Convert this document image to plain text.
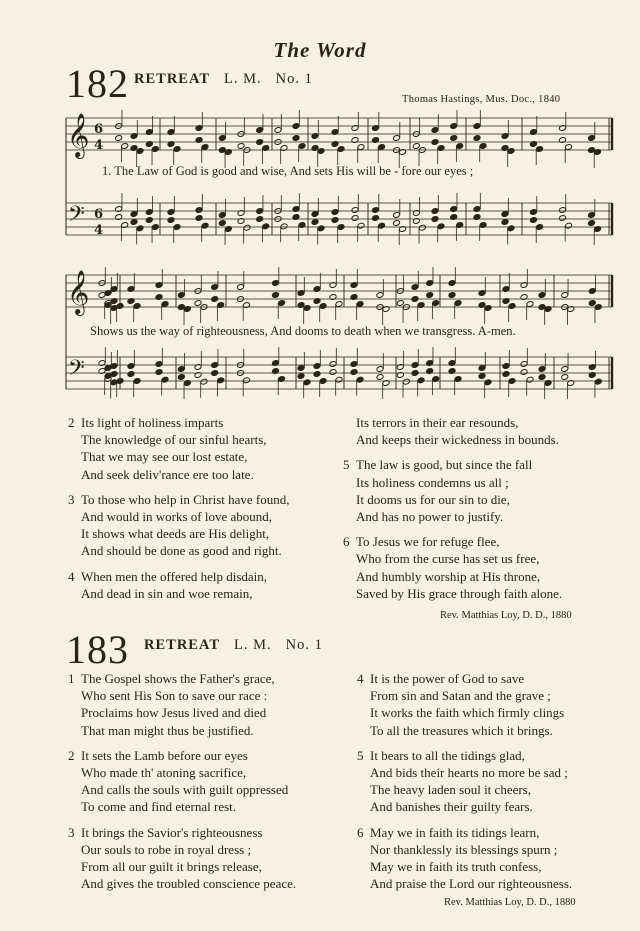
The Word
182 RETREAT L. M. No. 1
Thomas Hastings, Mus. Doc., 1840
𝄞
𝄢
6
4
6
4
𝄞
𝄢
1. The Law of God is good and wise, And sets His will be - fore our eyes ;
Shows us the way of righteousness, And dooms to death when we transgress. A-men.
2 Its light of holiness imparts
The knowledge of our sinful hearts,
That we may see our lost estate,
And seek deliv'rance ere too late.
3 To those who help in Christ have found,
And would in works of love abound,
It shows what deeds are His delight,
And should be done as good and right.
4 When men the offered help disdain,
And dead in sin and woe remain,
Its terrors in their ear resounds,
And keeps their wickedness in bounds.
5 The law is good, but since the fall
Its holiness condemns us all ;
It dooms us for our sin to die,
And has no power to justify.
6 To Jesus we for refuge flee,
Who from the curse has set us free,
And humbly worship at His throne,
Saved by His grace through faith alone.
Rev. Matthias Loy, D. D., 1880
183 RETREAT L. M. No. 1
1 The Gospel shows the Father's grace,
Who sent His Son to save our race :
Proclaims how Jesus lived and died
That man might thus be justified.
2 It sets the Lamb before our eyes
Who made th' atoning sacrifice,
And calls the souls with guilt oppressed
To come and find eternal rest.
3 It brings the Savior's righteousness
Our souls to robe in royal dress ;
From all our guilt it brings release,
And gives the troubled conscience peace.
4 It is the power of God to save
From sin and Satan and the grave ;
It works the faith which firmly clings
To all the treasures which it brings.
5 It bears to all the tidings glad,
And bids their hearts no more be sad ;
The heavy laden soul it cheers,
And banishes their guilty fears.
6 May we in faith its tidings learn,
Nor thanklessly its blessings spurn ;
May we in faith its truth confess,
And praise the Lord our righteousness.
Rev. Matthias Loy, D. D., 1880
